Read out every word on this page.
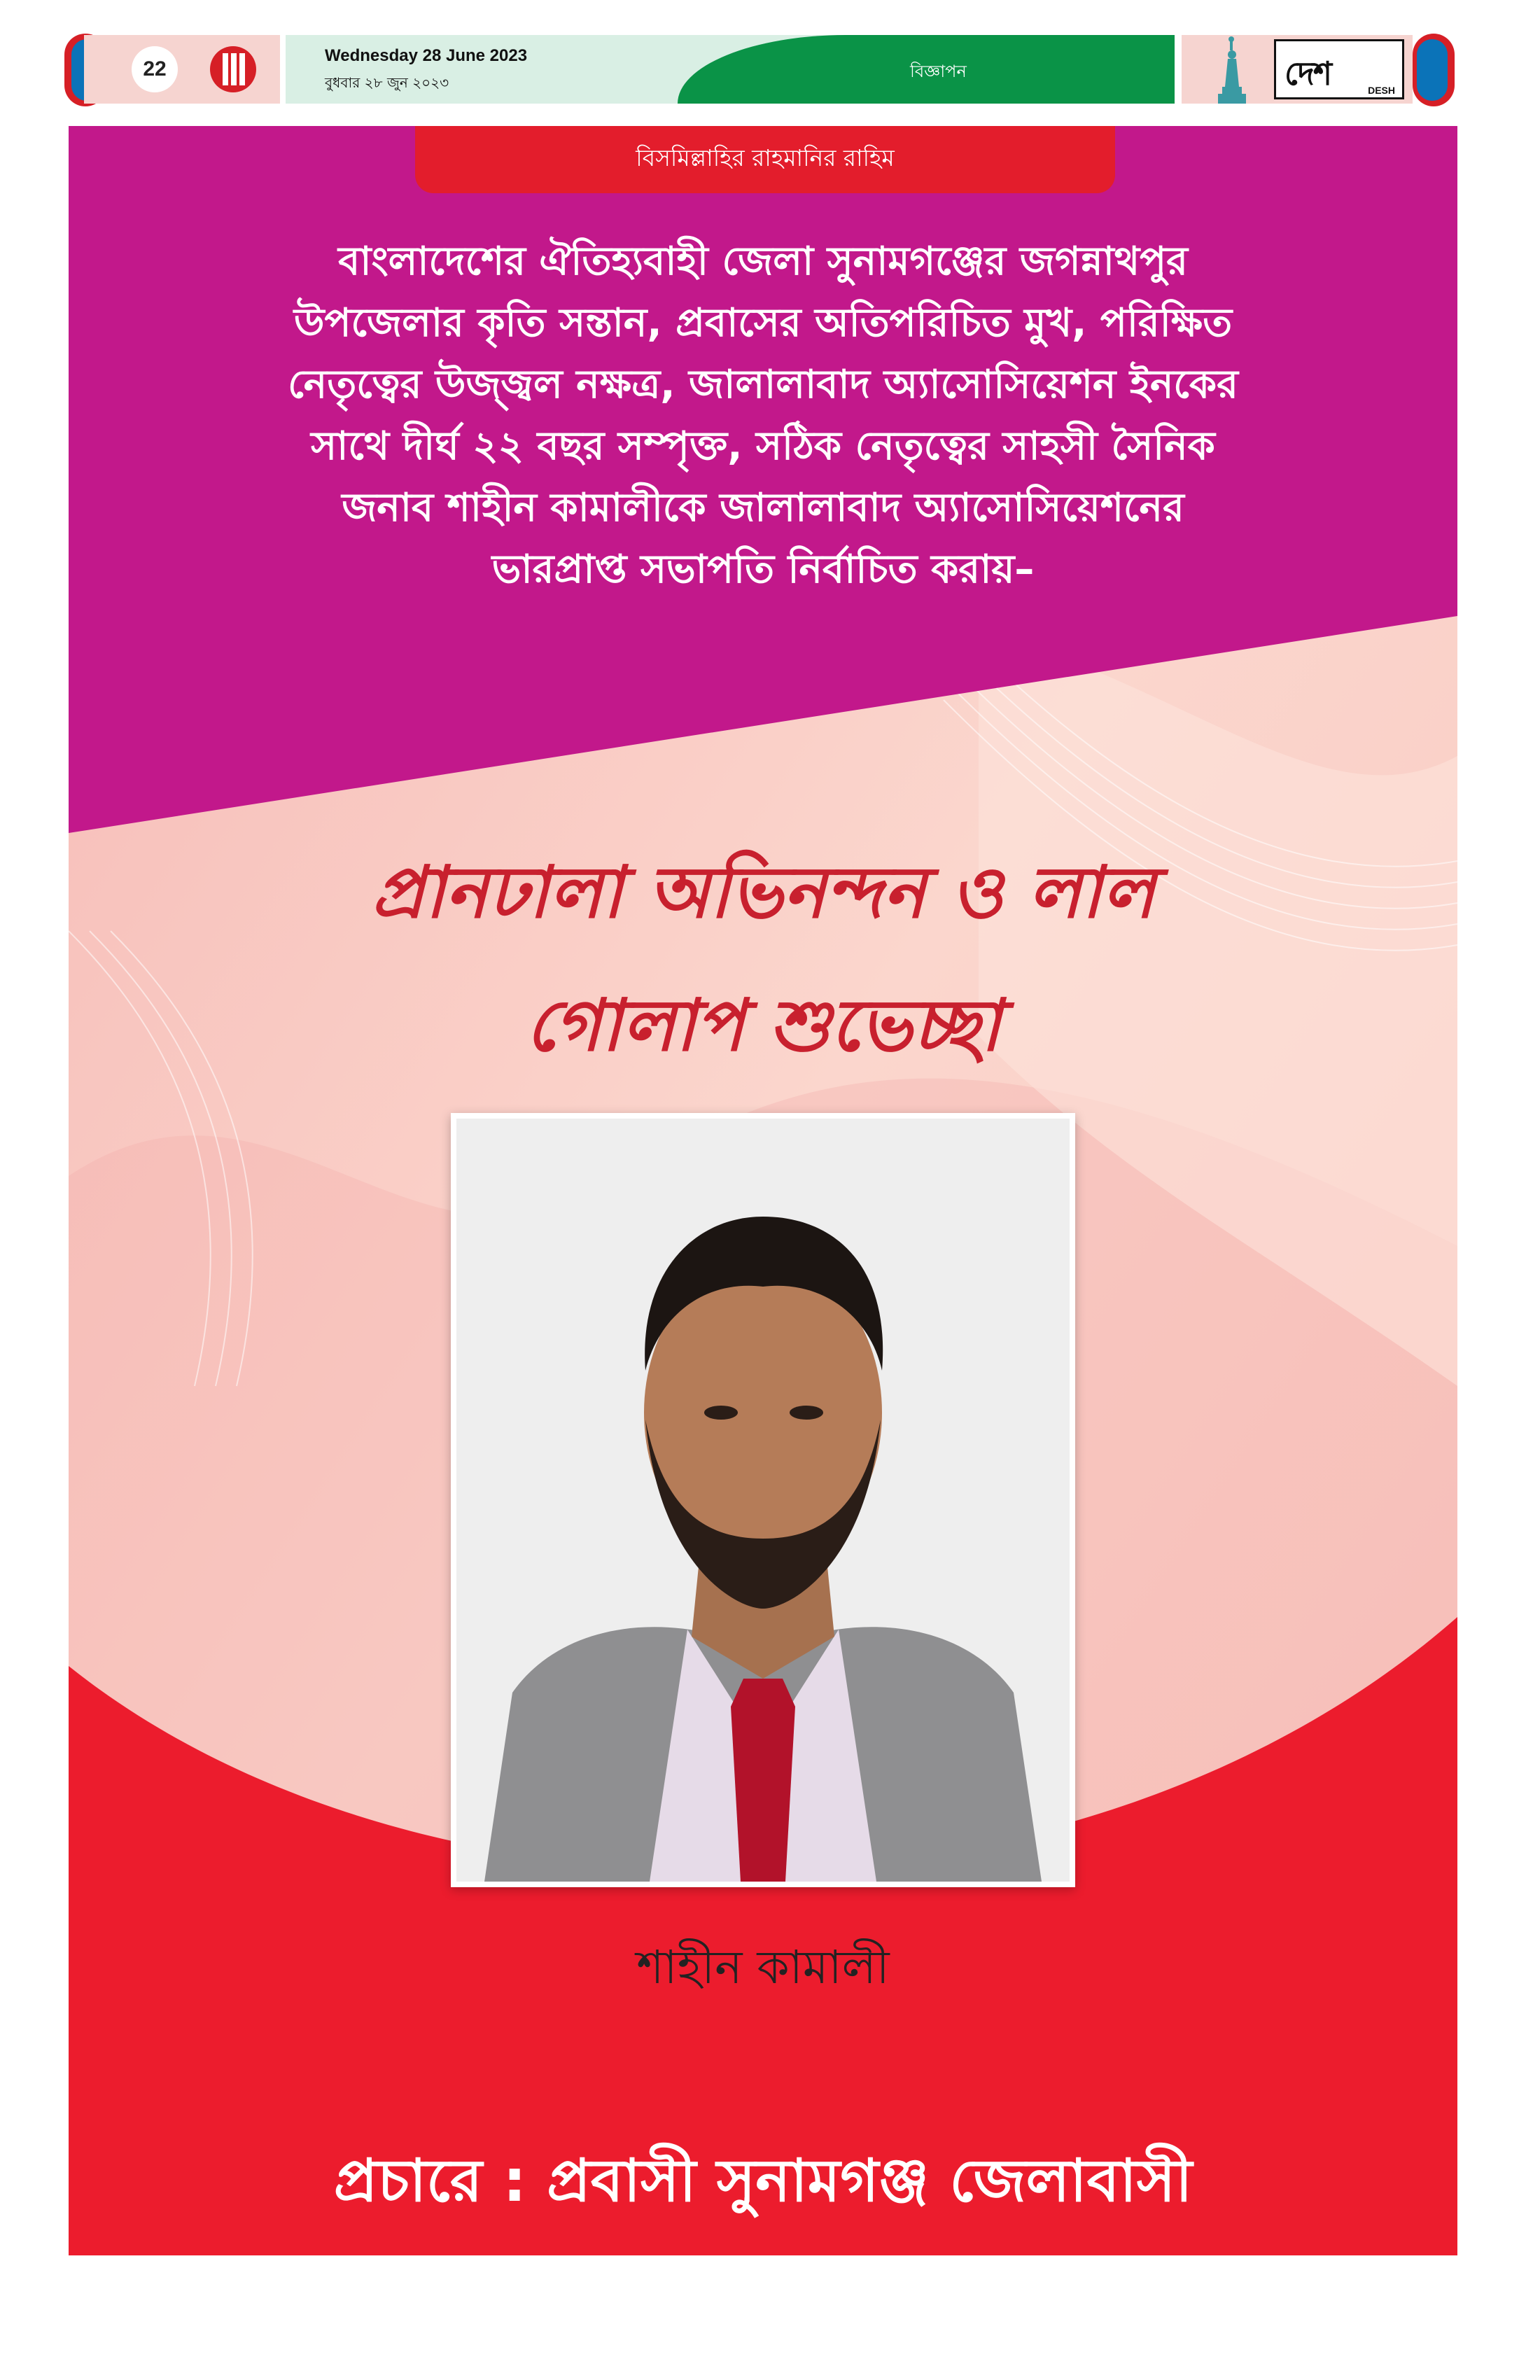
22
Wednesday 28 June 2023
বুধবার ২৮ জুন ২০২৩
বিজ্ঞাপন	দেশ	DESH
বিসমিল্লাহির রাহমানির রাহিম

বাংলাদেশের ঐতিহ্যবাহী জেলা সুনামগঞ্জের জগন্নাথপুর
উপজেলার কৃতি সন্তান, প্রবাসের অতিপরিচিত মুখ, পরিক্ষিত
নেতৃত্বের উজ্জ্বল নক্ষত্র, জালালাবাদ অ্যাসোসিয়েশন ইনকের
সাথে দীর্ঘ ২২ বছর সম্পৃক্ত, সঠিক নেতৃত্বের সাহসী সৈনিক
জনাব শাহীন কামালীকে জালালাবাদ অ্যাসোসিয়েশনের
ভারপ্রাপ্ত সভাপতি নির্বাচিত করায়–

প্রানঢালা অভিনন্দন ও লাল
গোলাপ শুভেচ্ছা

শাহীন কামালী
প্রচারে : প্রবাসী সুনামগঞ্জ জেলাবাসী
